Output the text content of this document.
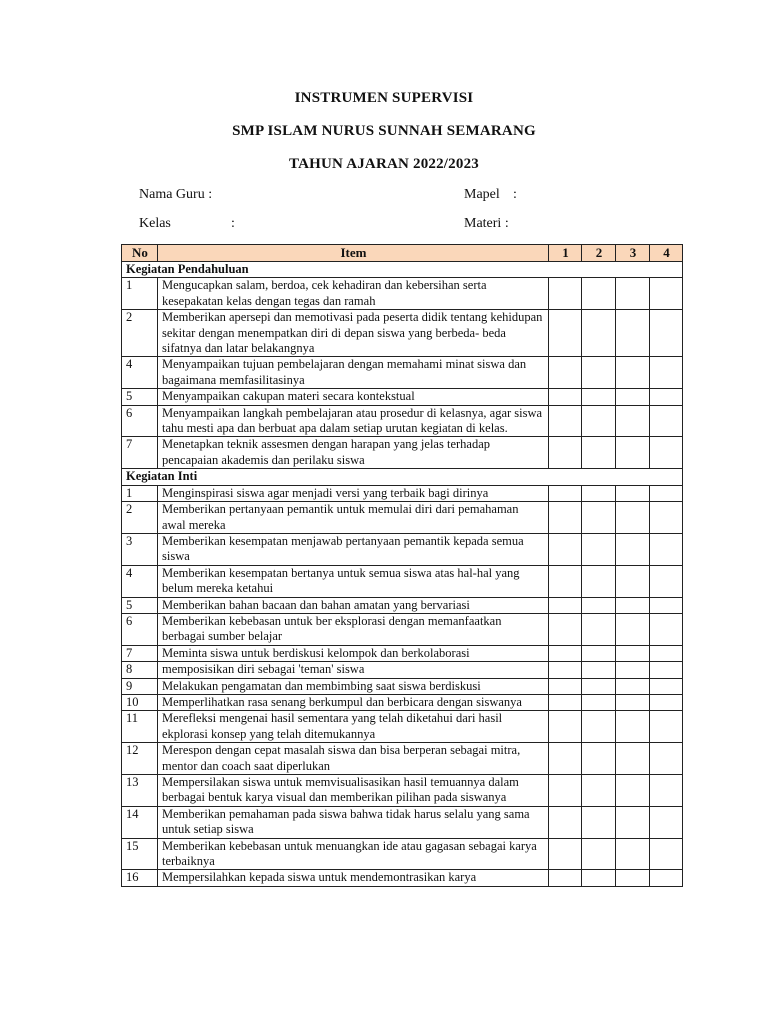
INSTRUMEN SUPERVISI
SMP ISLAM NURUS SUNNAH SEMARANG
TAHUN AJARAN 2022/2023
Nama Guru :	Mapel :
Kelas	:	Materi :
No	Item	1	2	3	4
Kegiatan Pendahuluan					
1	Mengucapkan salam, berdoa, cek kehadiran dan kebersihan serta kesepakatan kelas dengan tegas dan ramah				
2	Memberikan apersepi dan memotivasi pada peserta didik tentang kehidupan sekitar dengan menempatkan diri di depan siswa yang berbeda- beda sifatnya dan latar belakangnya				
4	Menyampaikan tujuan pembelajaran dengan memahami minat siswa dan bagaimana memfasilitasinya				
5	Menyampaikan cakupan materi secara kontekstual				
6	Menyampaikan langkah pembelajaran atau prosedur di kelasnya, agar siswa tahu mesti apa dan berbuat apa dalam setiap urutan kegiatan di kelas.				
7	Menetapkan teknik assesmen dengan harapan yang jelas terhadap pencapaian akademis dan perilaku siswa				
Kegiatan Inti					
1	Menginspirasi siswa agar menjadi versi yang terbaik bagi dirinya				
2	Memberikan pertanyaan pemantik untuk memulai diri dari pemahaman awal mereka				
3	Memberikan kesempatan menjawab pertanyaan pemantik kepada semua siswa				
4	Memberikan kesempatan bertanya untuk semua siswa atas hal-hal yang belum mereka ketahui				
5	Memberikan bahan bacaan dan bahan amatan yang bervariasi				
6	Memberikan kebebasan untuk ber eksplorasi dengan memanfaatkan berbagai sumber belajar				
7	Meminta siswa untuk berdiskusi kelompok dan berkolaborasi				
8	memposisikan diri sebagai 'teman' siswa				
9	Melakukan pengamatan dan membimbing saat siswa berdiskusi				
10	Memperlihatkan rasa senang berkumpul dan berbicara dengan siswanya				
11	Merefleksi mengenai hasil sementara yang telah diketahui dari hasil ekplorasi konsep yang telah ditemukannya				
12	Merespon dengan cepat masalah siswa dan bisa berperan sebagai mitra, mentor dan coach saat diperlukan				
13	Mempersilakan siswa untuk memvisualisasikan hasil temuannya dalam berbagai bentuk karya visual dan memberikan pilihan pada siswanya				
14	Memberikan pemahaman pada siswa bahwa tidak harus selalu yang sama untuk setiap siswa				
15	Memberikan kebebasan untuk menuangkan ide atau gagasan sebagai karya terbaiknya				
16	Mempersilahkan kepada siswa untuk mendemontrasikan karya				
